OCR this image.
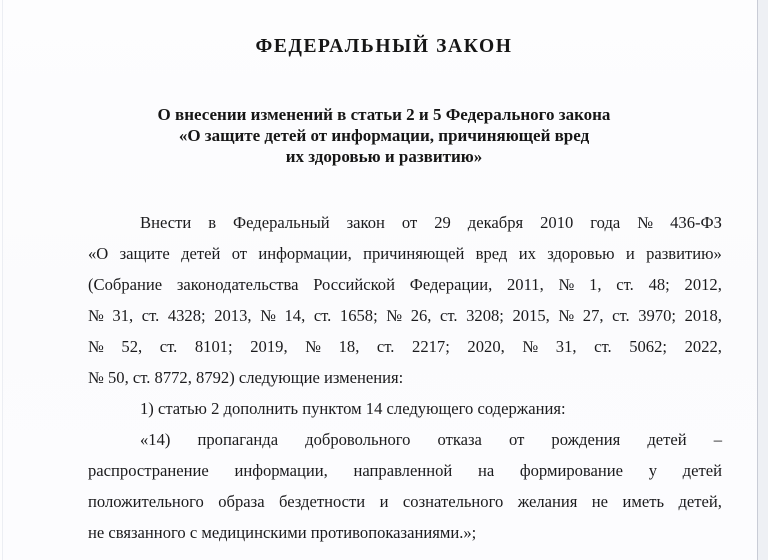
ФЕДЕРАЛЬНЫЙ ЗАКОН
О внесении изменений в статьи 2 и 5 Федерального закона
«О защите детей от информации, причиняющей вред
их здоровью и развитию»
Внести в Федеральный закон от 29 декабря 2010 года № 436-ФЗ
«О защите детей от информации, причиняющей вред их здоровью и развитию»
(Собрание законодательства Российской Федерации, 2011, № 1, ст. 48; 2012,
№ 31, ст. 4328; 2013, № 14, ст. 1658; № 26, ст. 3208; 2015, № 27, ст. 3970; 2018,
№ 52, ст. 8101; 2019, № 18, ст. 2217; 2020, № 31, ст. 5062; 2022,
№ 50, ст. 8772, 8792) следующие изменения:
1) статью 2 дополнить пунктом 14 следующего содержания:
«14) пропаганда добровольного отказа от рождения детей –
распространение информации, направленной на формирование у детей
положительного образа бездетности и сознательного желания не иметь детей,
не связанного с медицинскими противопоказаниями.»;
